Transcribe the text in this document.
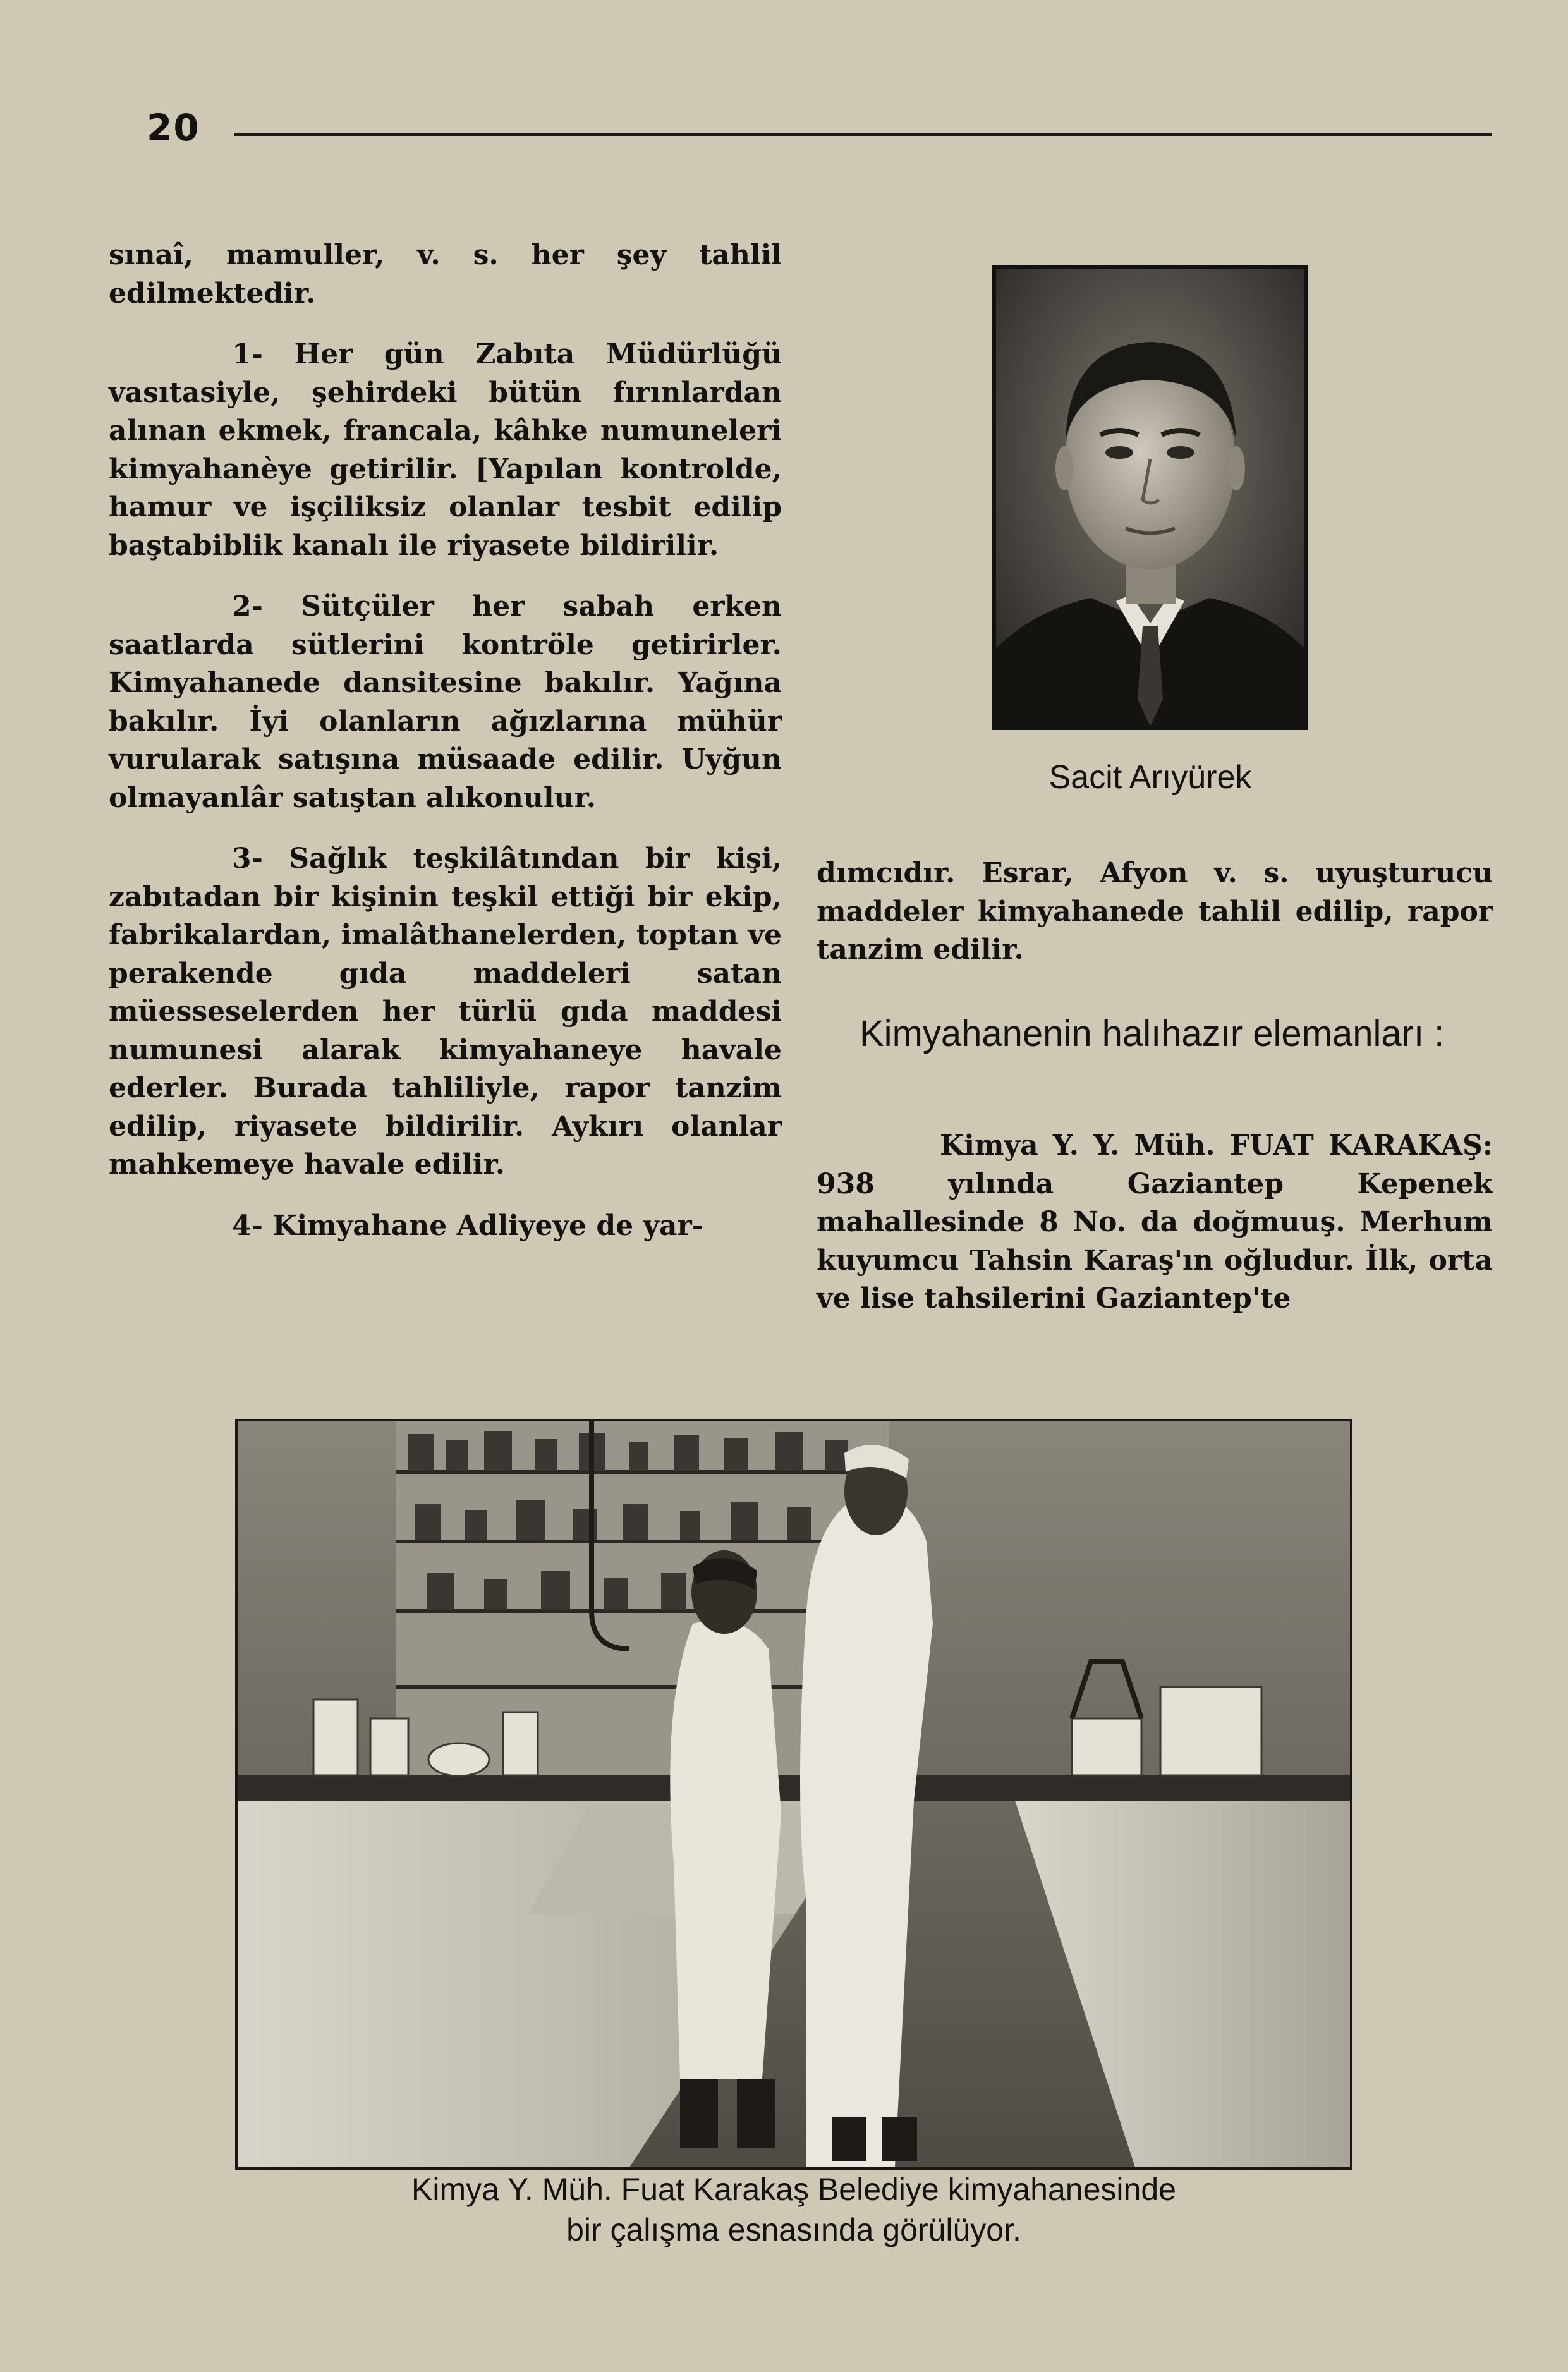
20

sınaî, mamuller, v. s. her şey tahlil edilmektedir.

1- Her gün Zabıta Müdürlüğü vasıtasiyle, şehirdeki bütün fırınlardan alınan ekmek, francala, kâhke numuneleri kimyahanèye getirilir. [Yapılan kontrolde, hamur ve işçiliksiz olanlar tesbit edilip baştabiblik kanalı ile riyasete bildirilir.

2- Sütçüler her sabah erken saatlarda sütlerini kontröle getirirler. Kimyahanede dansitesine bakılır. Yağına bakılır. İyi olanların ağızlarına mühür vurularak satışına müsaade edilir. Uyğun olmayanlâr satıştan alıkonulur.

3- Sağlık teşkilâtından bir kişi, zabıtadan bir kişinin teşkil ettiği bir ekip, fabrikalardan, imalâthanelerden, toptan ve perakende gıda maddeleri satan müesseselerden her türlü gıda maddesi numunesi alarak kimyahaneye havale ederler. Burada tahliliyle, rapor tanzim edilip, riyasete bildirilir. Aykırı olanlar mahkemeye havale edilir.

4- Kimyahane Adliyeye de yar-

Sacit Arıyürek

dımcıdır. Esrar, Afyon v. s. uyuşturucu maddeler kimyahanede tahlil edilip, rapor tanzim edilir.

Kimyahanenin halıhazır elemanları :

Kimya Y. Y. Müh. FUAT KARAKAŞ: 938 yılında Gaziantep Kepenek mahallesinde 8 No. da doğmuuş. Merhum kuyumcu Tahsin Karaş'ın oğludur. İlk, orta ve lise tahsilerini Gaziantep'te

Kimya Y. Müh. Fuat Karakaş Belediye kimyahanesinde
bir çalışma esnasında görülüyor.
